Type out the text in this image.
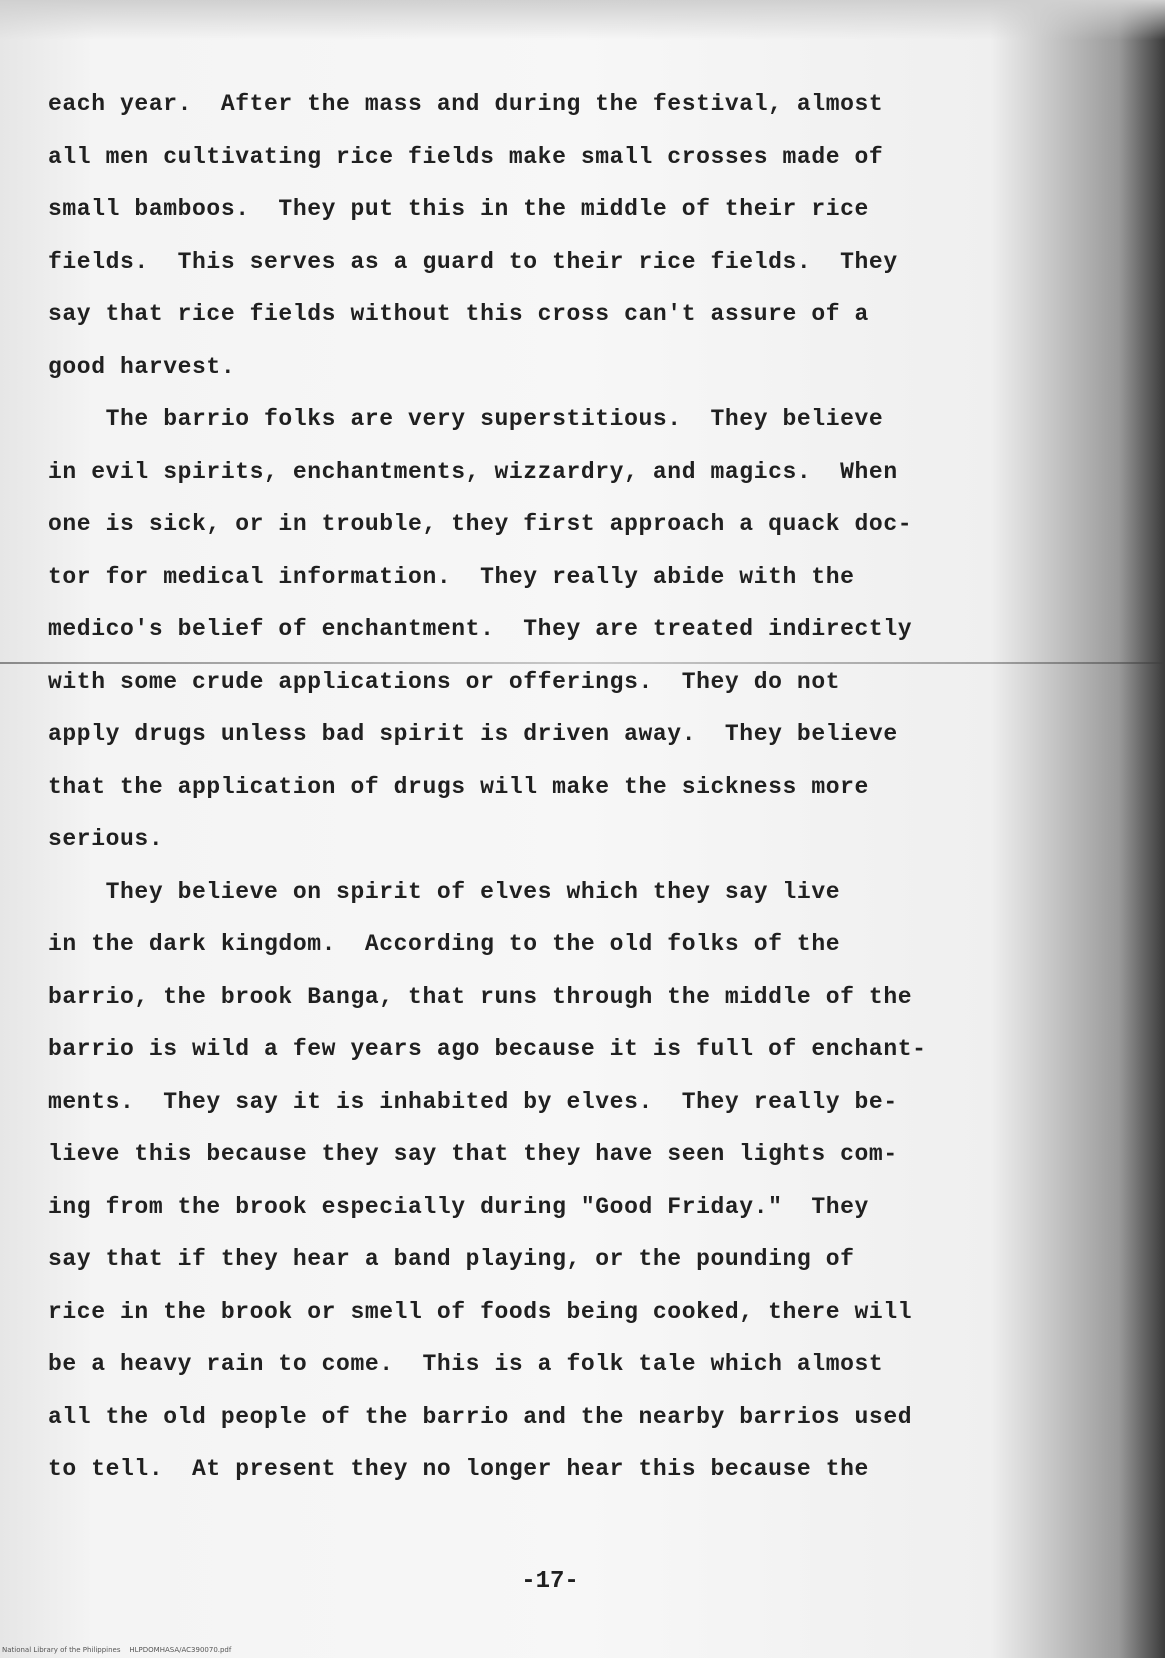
each year.  After the mass and during the festival, almost
all men cultivating rice fields make small crosses made of
small bamboos.  They put this in the middle of their rice
fields.  This serves as a guard to their rice fields.  They
say that rice fields without this cross can't assure of a
good harvest.
The barrio folks are very superstitious.  They believe
in evil spirits, enchantments, wizzardry, and magics.  When
one is sick, or in trouble, they first approach a quack doc-
tor for medical information.  They really abide with the
medico's belief of enchantment.  They are treated indirectly
with some crude applications or offerings.  They do not
apply drugs unless bad spirit is driven away.  They believe
that the application of drugs will make the sickness more
serious.
They believe on spirit of elves which they say live
in the dark kingdom.  According to the old folks of the
barrio, the brook Banga, that runs through the middle of the
barrio is wild a few years ago because it is full of enchant-
ments.  They say it is inhabited by elves.  They really be-
lieve this because they say that they have seen lights com-
ing from the brook especially during "Good Friday."  They
say that if they hear a band playing, or the pounding of
rice in the brook or smell of foods being cooked, there will
be a heavy rain to come.  This is a folk tale which almost
all the old people of the barrio and the nearby barrios used
to tell.  At present they no longer hear this because the
-17-
National Library of the Philippines    HLPDOMHASA/AC390070.pdf
